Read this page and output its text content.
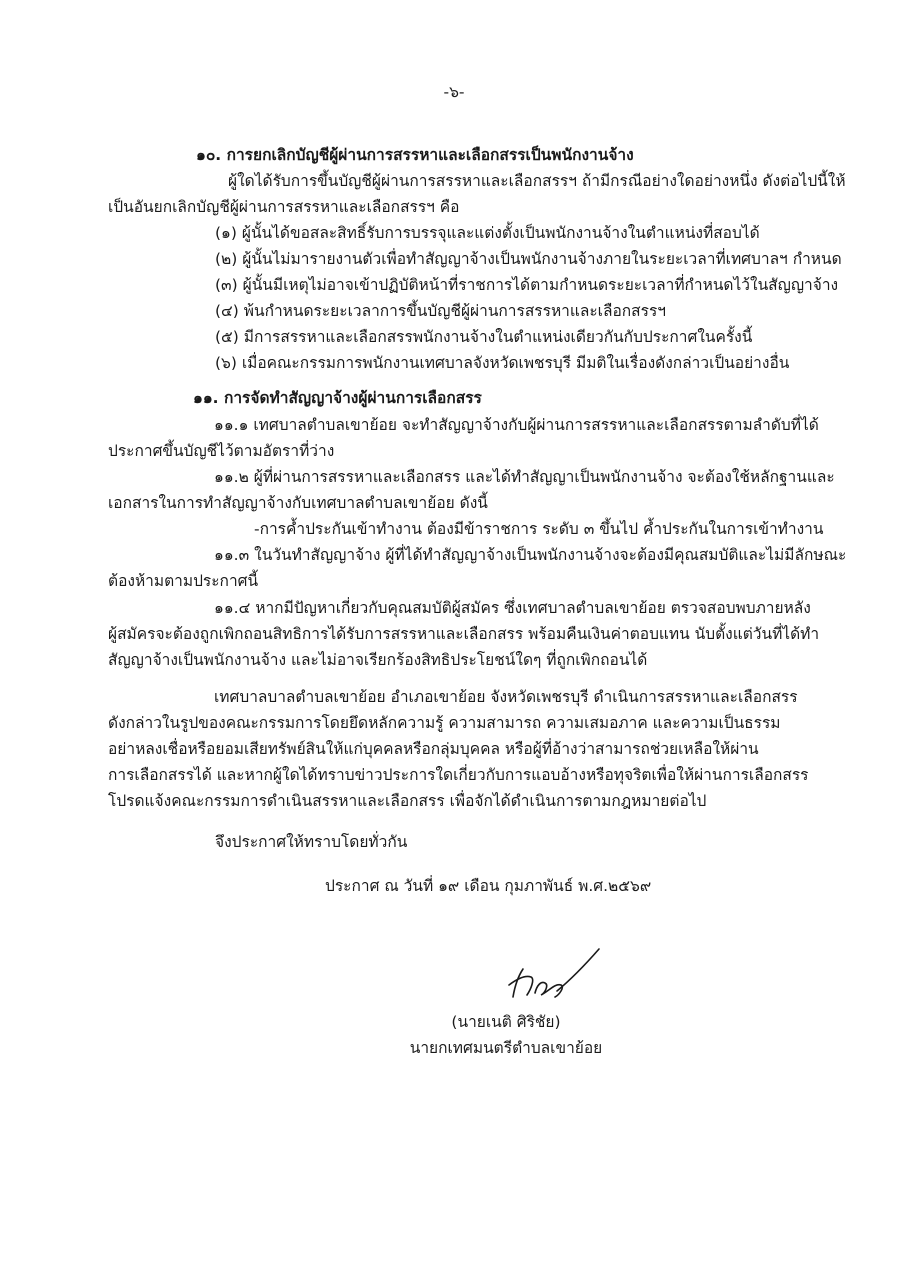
-๖-

๑๐. การยกเลิกบัญชีผู้ผ่านการสรรหาและเลือกสรรเป็นพนักงานจ้าง

ผู้ใดได้รับการขึ้นบัญชีผู้ผ่านการสรรหาและเลือกสรรฯ ถ้ามีกรณีอย่างใดอย่างหนึ่ง ดังต่อไปนี้ให้

เป็นอันยกเลิกบัญชีผู้ผ่านการสรรหาและเลือกสรรฯ คือ

(๑) ผู้นั้นได้ขอสละสิทธิ์รับการบรรจุและแต่งตั้งเป็นพนักงานจ้างในตำแหน่งที่สอบได้

(๒) ผู้นั้นไม่มารายงานตัวเพื่อทำสัญญาจ้างเป็นพนักงานจ้างภายในระยะเวลาที่เทศบาลฯ กำหนด

(๓) ผู้นั้นมีเหตุไม่อาจเข้าปฏิบัติหน้าที่ราชการได้ตามกำหนดระยะเวลาที่กำหนดไว้ในสัญญาจ้าง

(๔) พ้นกำหนดระยะเวลาการขึ้นบัญชีผู้ผ่านการสรรหาและเลือกสรรฯ

(๕) มีการสรรหาและเลือกสรรพนักงานจ้างในตำแหน่งเดียวกันกับประกาศในครั้งนี้

(๖) เมื่อคณะกรรมการพนักงานเทศบาลจังหวัดเพชรบุรี มีมติในเรื่องดังกล่าวเป็นอย่างอื่น

๑๑. การจัดทำสัญญาจ้างผู้ผ่านการเลือกสรร

๑๑.๑ เทศบาลตำบลเขาย้อย จะทำสัญญาจ้างกับผู้ผ่านการสรรหาและเลือกสรรตามลำดับที่ได้

ประกาศขึ้นบัญชีไว้ตามอัตราที่ว่าง

๑๑.๒ ผู้ที่ผ่านการสรรหาและเลือกสรร และได้ทำสัญญาเป็นพนักงานจ้าง จะต้องใช้หลักฐานและ

เอกสารในการทำสัญญาจ้างกับเทศบาลตำบลเขาย้อย ดังนี้

-การค้ำประกันเข้าทำงาน ต้องมีข้าราชการ ระดับ ๓ ขึ้นไป ค้ำประกันในการเข้าทำงาน

๑๑.๓ ในวันทำสัญญาจ้าง ผู้ที่ได้ทำสัญญาจ้างเป็นพนักงานจ้างจะต้องมีคุณสมบัติและไม่มีลักษณะ

ต้องห้ามตามประกาศนี้

๑๑.๔ หากมีปัญหาเกี่ยวกับคุณสมบัติผู้สมัคร ซึ่งเทศบาลตำบลเขาย้อย ตรวจสอบพบภายหลัง

ผู้สมัครจะต้องถูกเพิกถอนสิทธิการได้รับการสรรหาและเลือกสรร พร้อมคืนเงินค่าตอบแทน นับตั้งแต่วันที่ได้ทำ

สัญญาจ้างเป็นพนักงานจ้าง และไม่อาจเรียกร้องสิทธิประโยชน์ใดๆ ที่ถูกเพิกถอนได้

เทศบาลบาลตำบลเขาย้อย อำเภอเขาย้อย จังหวัดเพชรบุรี ดำเนินการสรรหาและเลือกสรร

ดังกล่าวในรูปของคณะกรรมการโดยยึดหลักความรู้ ความสามารถ ความเสมอภาค และความเป็นธรรม

อย่าหลงเชื่อหรือยอมเสียทรัพย์สินให้แก่บุคคลหรือกลุ่มบุคคล หรือผู้ที่อ้างว่าสามารถช่วยเหลือให้ผ่าน

การเลือกสรรได้ และหากผู้ใดได้ทราบข่าวประการใดเกี่ยวกับการแอบอ้างหรือทุจริตเพื่อให้ผ่านการเลือกสรร

โปรดแจ้งคณะกรรมการดำเนินสรรหาและเลือกสรร เพื่อจักได้ดำเนินการตามกฎหมายต่อไป

จึงประกาศให้ทราบโดยทั่วกัน

ประกาศ ณ วันที่ ๑๙ เดือน กุมภาพันธ์ พ.ศ.๒๕๖๙

(นายเนติ ศิริชัย)

นายกเทศมนตรีตำบลเขาย้อย
